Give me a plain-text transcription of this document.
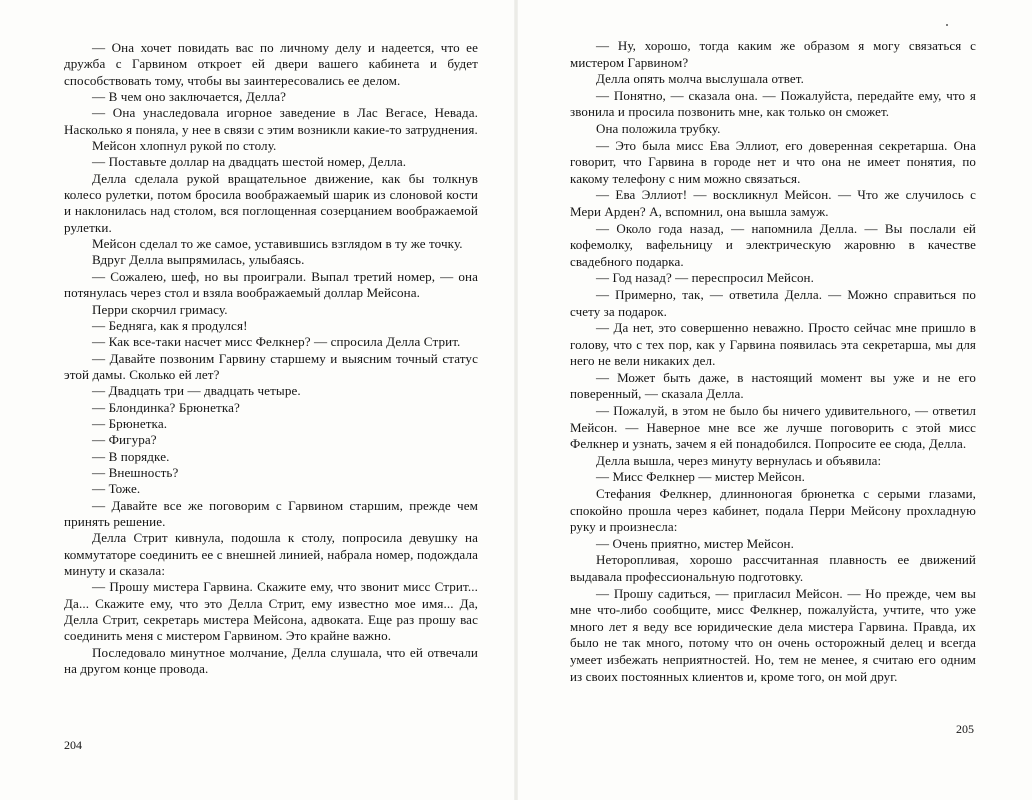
— Она хочет повидать вас по личному делу и надеется, что ее дружба с Гарвином откроет ей двери вашего кабинета и будет способствовать тому, чтобы вы заинтересовались ее делом.

— В чем оно заключается, Делла?

— Она унаследовала игорное заведение в Лас Вегасе, Невада. Насколько я поняла, у нее в связи с этим возникли какие-то затруднения.

Мейсон хлопнул рукой по столу.

— Поставьте доллар на двадцать шестой номер, Делла.

Делла сделала рукой вращательное движение, как бы толкнув колесо рулетки, потом бросила воображаемый шарик из слоновой кости и наклонилась над столом, вся поглощенная созерцанием воображаемой рулетки.

Мейсон сделал то же самое, уставившись взглядом в ту же точку.

Вдруг Делла выпрямилась, улыбаясь.

— Сожалею, шеф, но вы проиграли. Выпал третий номер, — она потянулась через стол и взяла воображаемый доллар Мейсона.

Перри скорчил гримасу.

— Бедняга, как я продулся!

— Как все-таки насчет мисс Фелкнер? — спросила Делла Стрит.

— Давайте позвоним Гарвину старшему и выясним точный статус этой дамы. Сколько ей лет?

— Двадцать три — двадцать четыре.

— Блондинка? Брюнетка?

— Брюнетка.

— Фигура?

— В порядке.

— Внешность?

— Тоже.

— Давайте все же поговорим с Гарвином старшим, прежде чем принять решение.

Делла Стрит кивнула, подошла к столу, попросила девушку на коммутаторе соединить ее с внешней линией, набрала номер, подождала минуту и сказала:

— Прошу мистера Гарвина. Скажите ему, что звонит мисс Стрит... Да... Скажите ему, что это Делла Стрит, ему известно мое имя... Да, Делла Стрит, секретарь мистера Мейсона, адвоката. Еще раз прошу вас соединить меня с мистером Гарвином. Это крайне важно.

Последовало минутное молчание, Делла слушала, что ей отвечали на другом конце провода.

204

— Ну, хорошо, тогда каким же образом я могу связаться с мистером Гарвином?

Делла опять молча выслушала ответ.

— Понятно, — сказала она. — Пожалуйста, передайте ему, что я звонила и просила позвонить мне, как только он сможет.

Она положила трубку.

— Это была мисс Ева Эллиот, его доверенная секретарша. Она говорит, что Гарвина в городе нет и что она не имеет понятия, по какому телефону с ним можно связаться.

— Ева Эллиот! — воскликнул Мейсон. — Что же случилось с Мери Арден? А, вспомнил, она вышла замуж.

— Около года назад, — напомнила Делла. — Вы послали ей кофемолку, вафельницу и электрическую жаровню в качестве свадебного подарка.

— Год назад? — переспросил Мейсон.

— Примерно, так, — ответила Делла. — Можно справиться по счету за подарок.

— Да нет, это совершенно неважно. Просто сейчас мне пришло в голову, что с тех пор, как у Гарвина появилась эта секретарша, мы для него не вели никаких дел.

— Может быть даже, в настоящий момент вы уже и не его поверенный, — сказала Делла.

— Пожалуй, в этом не было бы ничего удивительного, — ответил Мейсон. — Наверное мне все же лучше поговорить с этой мисс Фелкнер и узнать, зачем я ей понадобился. Попросите ее сюда, Делла.

Делла вышла, через минуту вернулась и объявила:

— Мисс Фелкнер — мистер Мейсон.

Стефания Фелкнер, длинноногая брюнетка с серыми глазами, спокойно прошла через кабинет, подала Перри Мейсону прохладную руку и произнесла:

— Очень приятно, мистер Мейсон.

Неторопливая, хорошо рассчитанная плавность ее движений выдавала профессиональную подготовку.

— Прошу садиться, — пригласил Мейсон. — Но прежде, чем вы мне что-либо сообщите, мисс Фелкнер, пожалуйста, учтите, что уже много лет я веду все юридические дела мистера Гарвина. Правда, их было не так много, потому что он очень осторожный делец и всегда умеет избежать неприятностей. Но, тем не менее, я считаю его одним из своих постоянных клиентов и, кроме того, он мой друг.

205
